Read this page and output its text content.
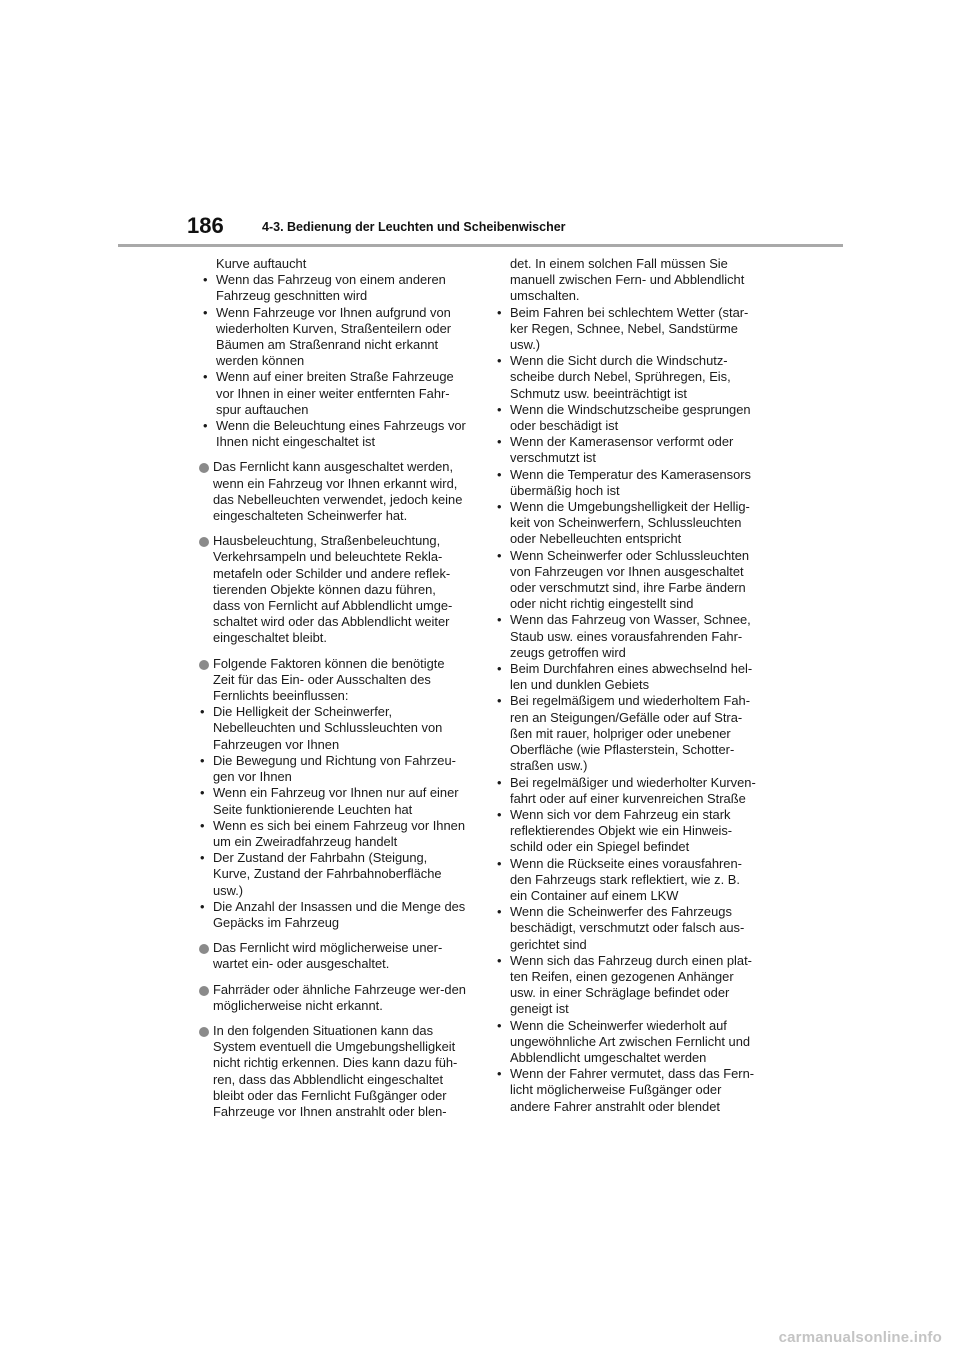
186	4-3. Bedienung der Leuchten und Scheibenwischer
Kurve auftaucht
• Wenn das Fahrzeug von einem anderen Fahrzeug geschnitten wird
• Wenn Fahrzeuge vor Ihnen aufgrund von wiederholten Kurven, Straßenteilern oder Bäumen am Straßenrand nicht erkannt werden können
• Wenn auf einer breiten Straße Fahrzeuge vor Ihnen in einer weiter entfernten Fahr-spur auftauchen
• Wenn die Beleuchtung eines Fahrzeugs vor Ihnen nicht eingeschaltet ist
Das Fernlicht kann ausgeschaltet werden, wenn ein Fahrzeug vor Ihnen erkannt wird, das Nebelleuchten verwendet, jedoch keine eingeschalteten Scheinwerfer hat.
Hausbeleuchtung, Straßenbeleuchtung, Verkehrsampeln und beleuchtete Rekla-metafeln oder Schilder und andere reflek-tierenden Objekte können dazu führen, dass von Fernlicht auf Abblendlicht umge-schaltet wird oder das Abblendlicht weiter eingeschaltet bleibt.
Folgende Faktoren können die benötigte Zeit für das Ein- oder Ausschalten des Fernlichts beeinflussen:
• Die Helligkeit der Scheinwerfer, Nebelleuchten und Schlussleuchten von Fahrzeugen vor Ihnen
• Die Bewegung und Richtung von Fahrzeu-gen vor Ihnen
• Wenn ein Fahrzeug vor Ihnen nur auf einer Seite funktionierende Leuchten hat
• Wenn es sich bei einem Fahrzeug vor Ihnen um ein Zweiradfahrzeug handelt
• Der Zustand der Fahrbahn (Steigung, Kurve, Zustand der Fahrbahnoberfläche usw.)
• Die Anzahl der Insassen und die Menge des Gepäcks im Fahrzeug
Das Fernlicht wird möglicherweise uner-wartet ein- oder ausgeschaltet.
Fahrräder oder ähnliche Fahrzeuge wer-den möglicherweise nicht erkannt.
In den folgenden Situationen kann das System eventuell die Umgebungshelligkeit nicht richtig erkennen. Dies kann dazu füh-ren, dass das Abblendlicht eingeschaltet bleibt oder das Fernlicht Fußgänger oder Fahrzeuge vor Ihnen anstrahlt oder blen-
det. In einem solchen Fall müssen Sie manuell zwischen Fern- und Abblendlicht umschalten.
• Beim Fahren bei schlechtem Wetter (star-ker Regen, Schnee, Nebel, Sandstürme usw.)
• Wenn die Sicht durch die Windschutz-scheibe durch Nebel, Sprühregen, Eis, Schmutz usw. beeinträchtigt ist
• Wenn die Windschutzscheibe gesprungen oder beschädigt ist
• Wenn der Kamerasensor verformt oder verschmutzt ist
• Wenn die Temperatur des Kamerasensors übermäßig hoch ist
• Wenn die Umgebungshelligkeit der Hellig-keit von Scheinwerfern, Schlussleuchten oder Nebelleuchten entspricht
• Wenn Scheinwerfer oder Schlussleuchten von Fahrzeugen vor Ihnen ausgeschaltet oder verschmutzt sind, ihre Farbe ändern oder nicht richtig eingestellt sind
• Wenn das Fahrzeug von Wasser, Schnee, Staub usw. eines vorausfahrenden Fahr-zeugs getroffen wird
• Beim Durchfahren eines abwechselnd hel-len und dunklen Gebiets
• Bei regelmäßigem und wiederholtem Fah-ren an Steigungen/Gefälle oder auf Stra-ßen mit rauer, holpriger oder unebener Oberfläche (wie Pflasterstein, Schotter-straßen usw.)
• Bei regelmäßiger und wiederholter Kurven-fahrt oder auf einer kurvenreichen Straße
• Wenn sich vor dem Fahrzeug ein stark reflektierendes Objekt wie ein Hinweis-schild oder ein Spiegel befindet
• Wenn die Rückseite eines vorausfahren-den Fahrzeugs stark reflektiert, wie z. B. ein Container auf einem LKW
• Wenn die Scheinwerfer des Fahrzeugs beschädigt, verschmutzt oder falsch aus-gerichtet sind
• Wenn sich das Fahrzeug durch einen plat-ten Reifen, einen gezogenen Anhänger usw. in einer Schräglage befindet oder geneigt ist
• Wenn die Scheinwerfer wiederholt auf ungewöhnliche Art zwischen Fernlicht und Abblendlicht umgeschaltet werden
• Wenn der Fahrer vermutet, dass das Fern-licht möglicherweise Fußgänger oder andere Fahrer anstrahlt oder blendet
carmanualsonline.info
